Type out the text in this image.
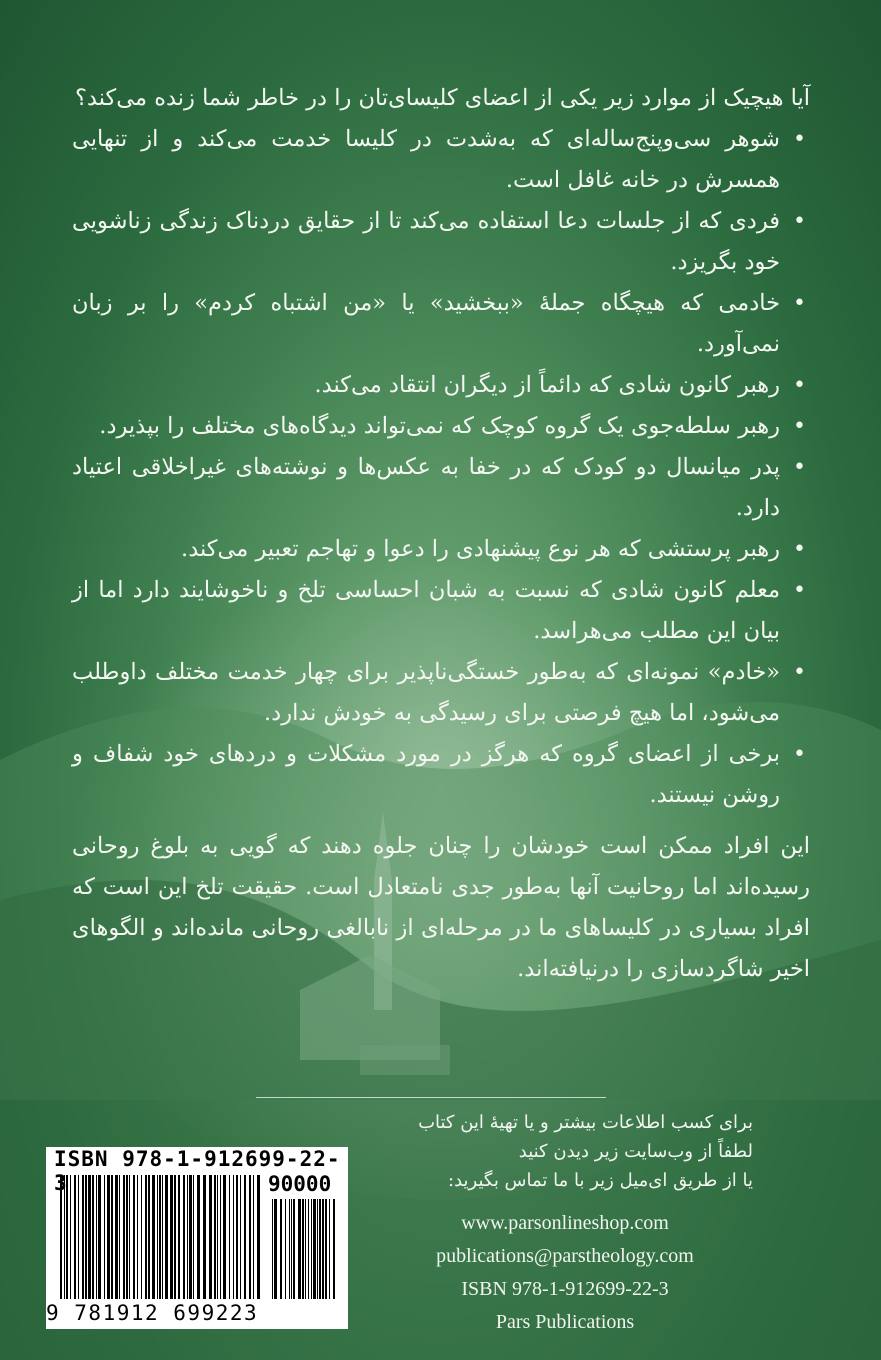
آیا هیچیک از موارد زیر یکی از اعضای کلیسای‌تان را در خاطر شما زنده می‌کند؟

• شوهر سی‌وپنج‌ساله‌ای که به‌شدت در کلیسا خدمت می‌کند و از تنهایی همسرش در خانه غافل است.
• فردی که از جلسات دعا استفاده می‌کند تا از حقایق دردناک زندگی زناشویی خود بگریزد.
• خادمی که هیچگاه جملهٔ «ببخشید» یا «من اشتباه کردم» را بر زبان نمی‌آورد.
• رهبر کانون شادی که دائماً از دیگران انتقاد می‌کند.
• رهبر سلطه‌جوی یک گروه کوچک که نمی‌تواند دیدگاه‌های مختلف را بپذیرد.
• پدر میانسال دو کودک که در خفا به عکس‌ها و نوشته‌های غیراخلاقی اعتیاد دارد.
• رهبر پرستشی که هر نوع پیشنهادی را دعوا و تهاجم تعبیر می‌کند.
• معلم کانون شادی که نسبت به شبان احساسی تلخ و ناخوشایند دارد اما از بیان این مطلب می‌هراسد.
• «خادم» نمونه‌ای که به‌طور خستگی‌ناپذیر برای چهار خدمت مختلف داوطلب می‌شود، اما هیچ فرصتی برای رسیدگی به خودش ندارد.
• برخی از اعضای گروه که هرگز در مورد مشکلات و دردهای خود شفاف و روشن نیستند.

این افراد ممکن است خودشان را چنان جلوه دهند که گویی به بلوغ روحانی رسیده‌اند اما روحانیت آنها به‌طور جدی نامتعادل است. حقیقت تلخ این است که افراد بسیاری در کلیساهای ما در مرحله‌ای از نابالغی روحانی مانده‌اند و الگوهای اخیر شاگردسازی را درنیافته‌اند.

برای کسب اطلاعات بیشتر و یا تهیهٔ این کتاب
لطفاً از وب‌سایت زیر دیدن کنید
یا از طریق ای‌میل زیر با ما تماس بگیرید:
www.parsonlineshop.com
publications@parstheology.com
ISBN 978-1-912699-22-3
Pars Publications
ISBN 978-1-912699-22-3	90000
9 781912 699223
